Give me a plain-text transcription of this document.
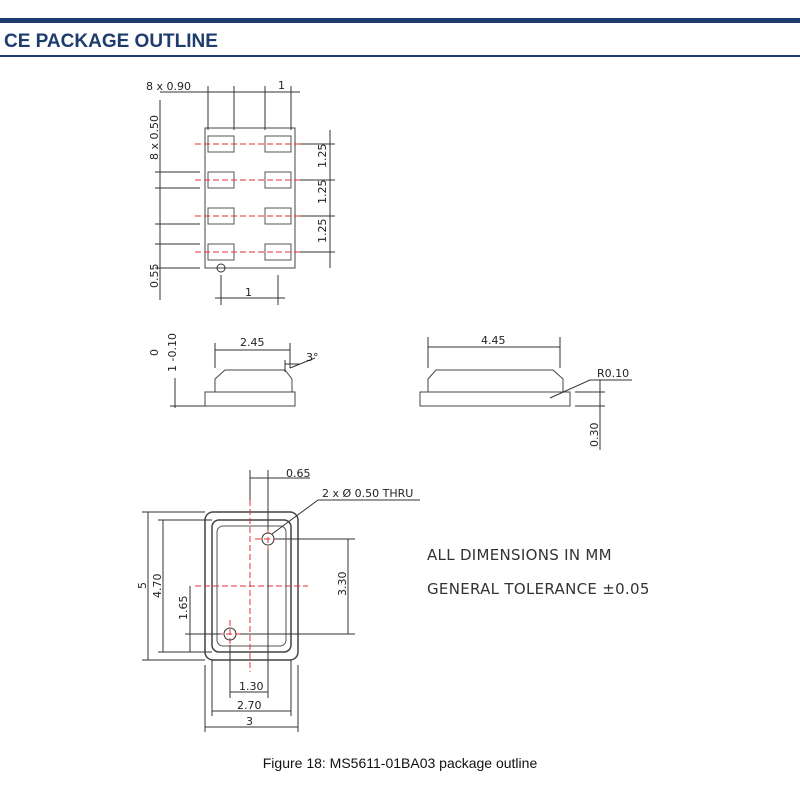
CE PACKAGE OUTLINE
8 x 0.90	1
8 x 0.50	1.25
1.25
1.25
0.55
1
0 1 -0.10	2.45
3°
4.45
R0.10
0.30
0.65
2 x Ø 0.50 THRU
5 4.70
1.65
3.30
1.30
2.70
3
ALL DIMENSIONS IN MM
GENERAL TOLERANCE ±0.05
Figure 18: MS5611-01BA03 package outline
